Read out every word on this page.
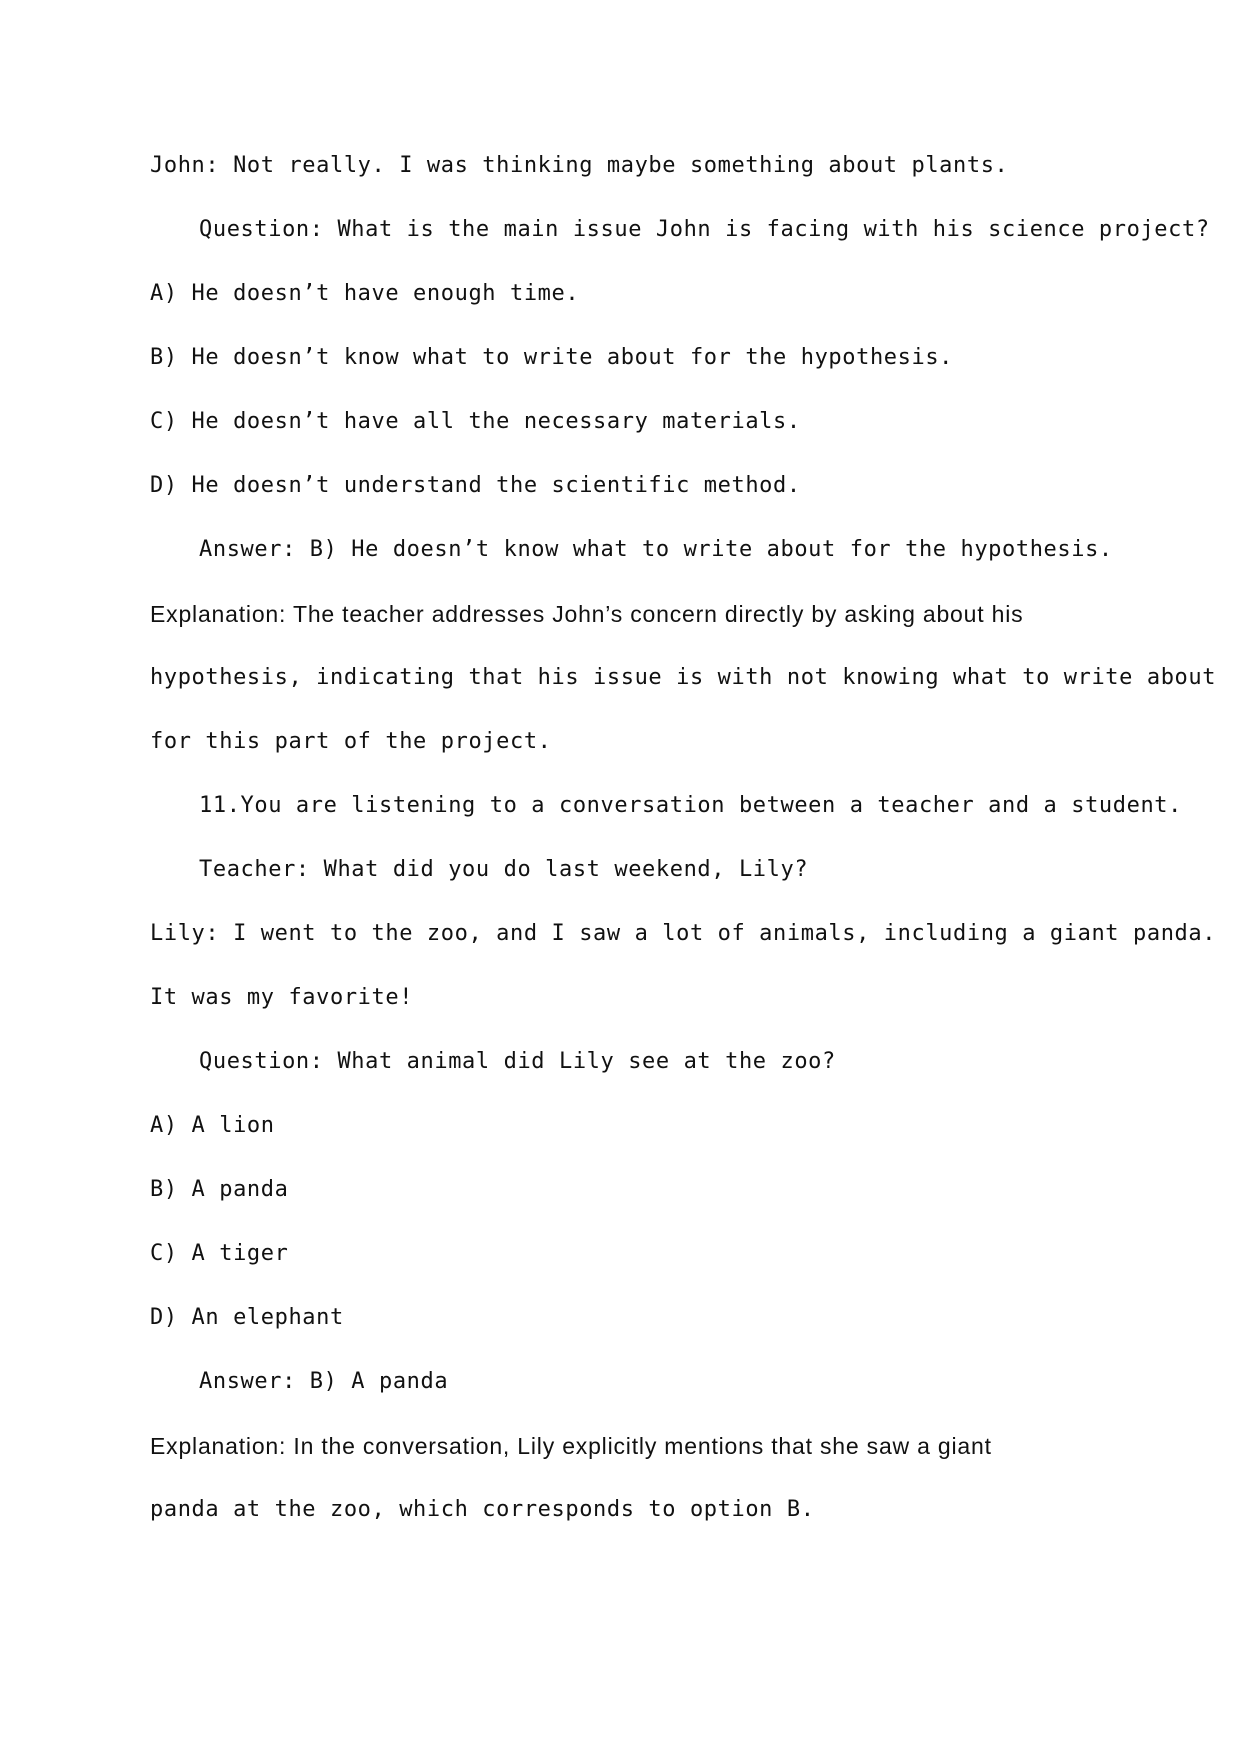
John: Not really. I was thinking maybe something about plants.
Question: What is the main issue John is facing with his science project?
A) He doesn’t have enough time.
B) He doesn’t know what to write about for the hypothesis.
C) He doesn’t have all the necessary materials.
D) He doesn’t understand the scientific method.
Answer: B) He doesn’t know what to write about for the hypothesis.
Explanation: The teacher addresses John’s concern directly by asking about his
hypothesis, indicating that his issue is with not knowing what to write about
for this part of the project.
11.You are listening to a conversation between a teacher and a student.
Teacher: What did you do last weekend, Lily?
Lily: I went to the zoo, and I saw a lot of animals, including a giant panda.
It was my favorite!
Question: What animal did Lily see at the zoo?
A) A lion
B) A panda
C) A tiger
D) An elephant
Answer: B) A panda
Explanation: In the conversation, Lily explicitly mentions that she saw a giant
panda at the zoo, which corresponds to option B.
